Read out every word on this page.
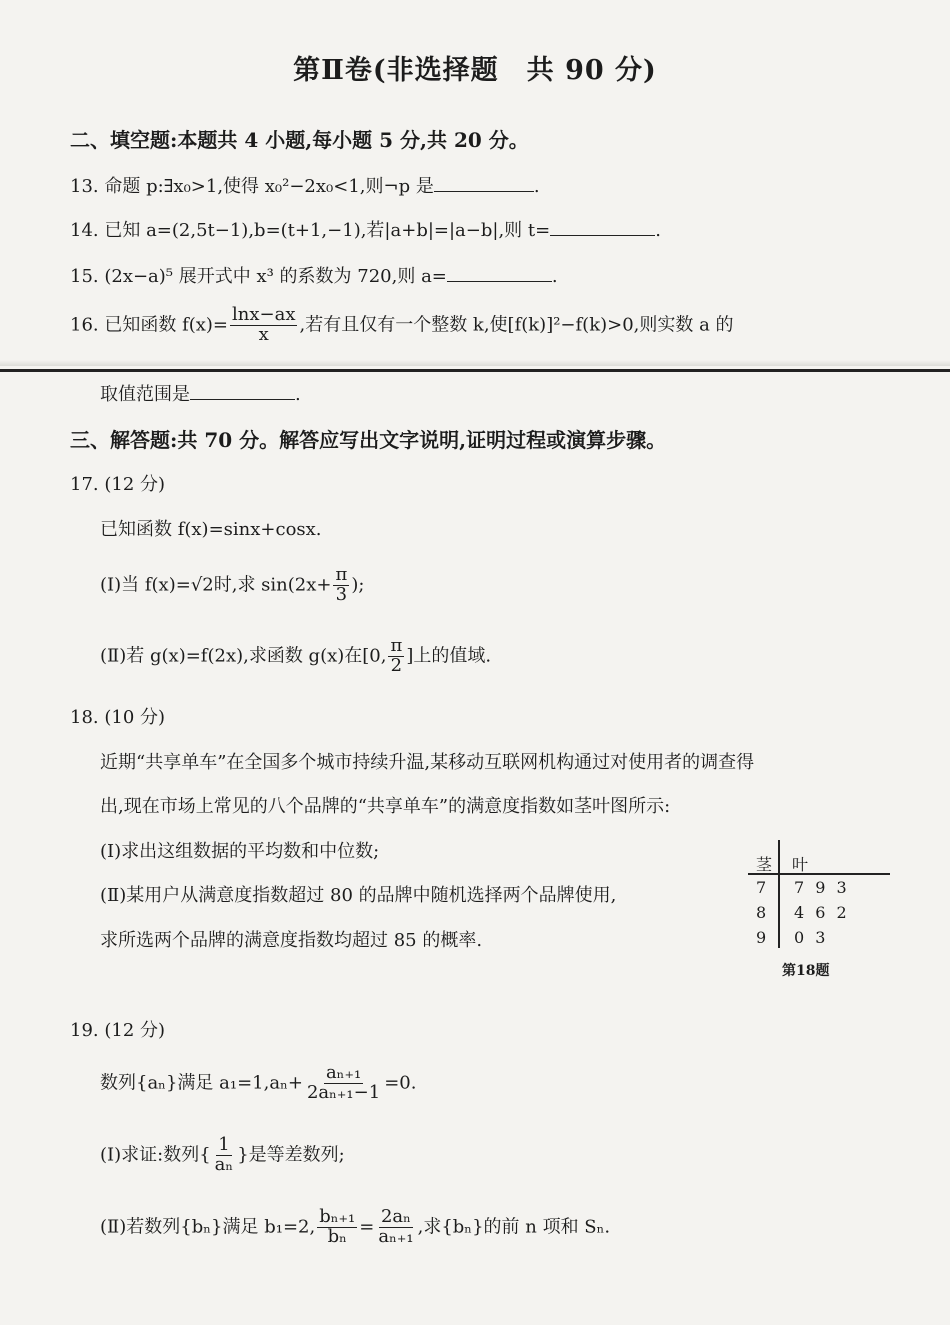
第Ⅱ卷(非选择题　共 90 分)
二、填空题:本题共 4 小题,每小题 5 分,共 20 分。
13. 命题 p:∃x₀>1,使得 x₀²−2x₀<1,则¬p 是	.
14. 已知 a=(2,5t−1),b=(t+1,−1),若|a+b|=|a−b|,则 t=	.
15. (2x−a)⁵ 展开式中 x³ 的系数为 720,则 a=	.
16. 已知函数 $f(x)= \frac{\ln x-ax}{x}$ ,若有且仅有一个整数 k,使[f(k)]²−f(k)>0,则实数 a 的
取值范围是	.
三、解答题:共 70 分。解答应写出文字说明,证明过程或演算步骤。
17. (12 分)
已知函数 f(x)=sinx+cosx.
(Ⅰ)当 f(x)=√2时,求 $\sin(2x+ \frac{\pi}{3}$ );
(Ⅱ)若 g(x)=f(2x),求函数 g(x)在[0, $\frac{\pi}{2}$ ]上的值域.
18. (10 分)
近期“共享单车”在全国多个城市持续升温,某移动互联网机构通过对使用者的调查得
出,现在市场上常见的八个品牌的“共享单车”的满意度指数如茎叶图所示:
(Ⅰ)求出这组数据的平均数和中位数;
(Ⅱ)某用户从满意度指数超过 80 的品牌中随机选择两个品牌使用,
求所选两个品牌的满意度指数均超过 85 的概率.
茎 叶
7 7 9 3
8 4 6 2
9 0 3
第18题
19. (12 分)
数列{aₙ}满足 $a_1=1,a_n+ \frac{\text{aₙ₊₁}}{\text{2aₙ₊₁−1}} =0$.
(Ⅰ)求证:数列{ $\frac{1}{\text{aₙ}}$ }是等差数列;
(Ⅱ)若数列{bₙ}满足 b₁=2, $\frac{\text{bₙ₊₁}}{\text{bₙ}} = \frac{\text{2aₙ}}{\text{aₙ₊₁}}$ ,求{bₙ}的前 n 项和 Sₙ.
